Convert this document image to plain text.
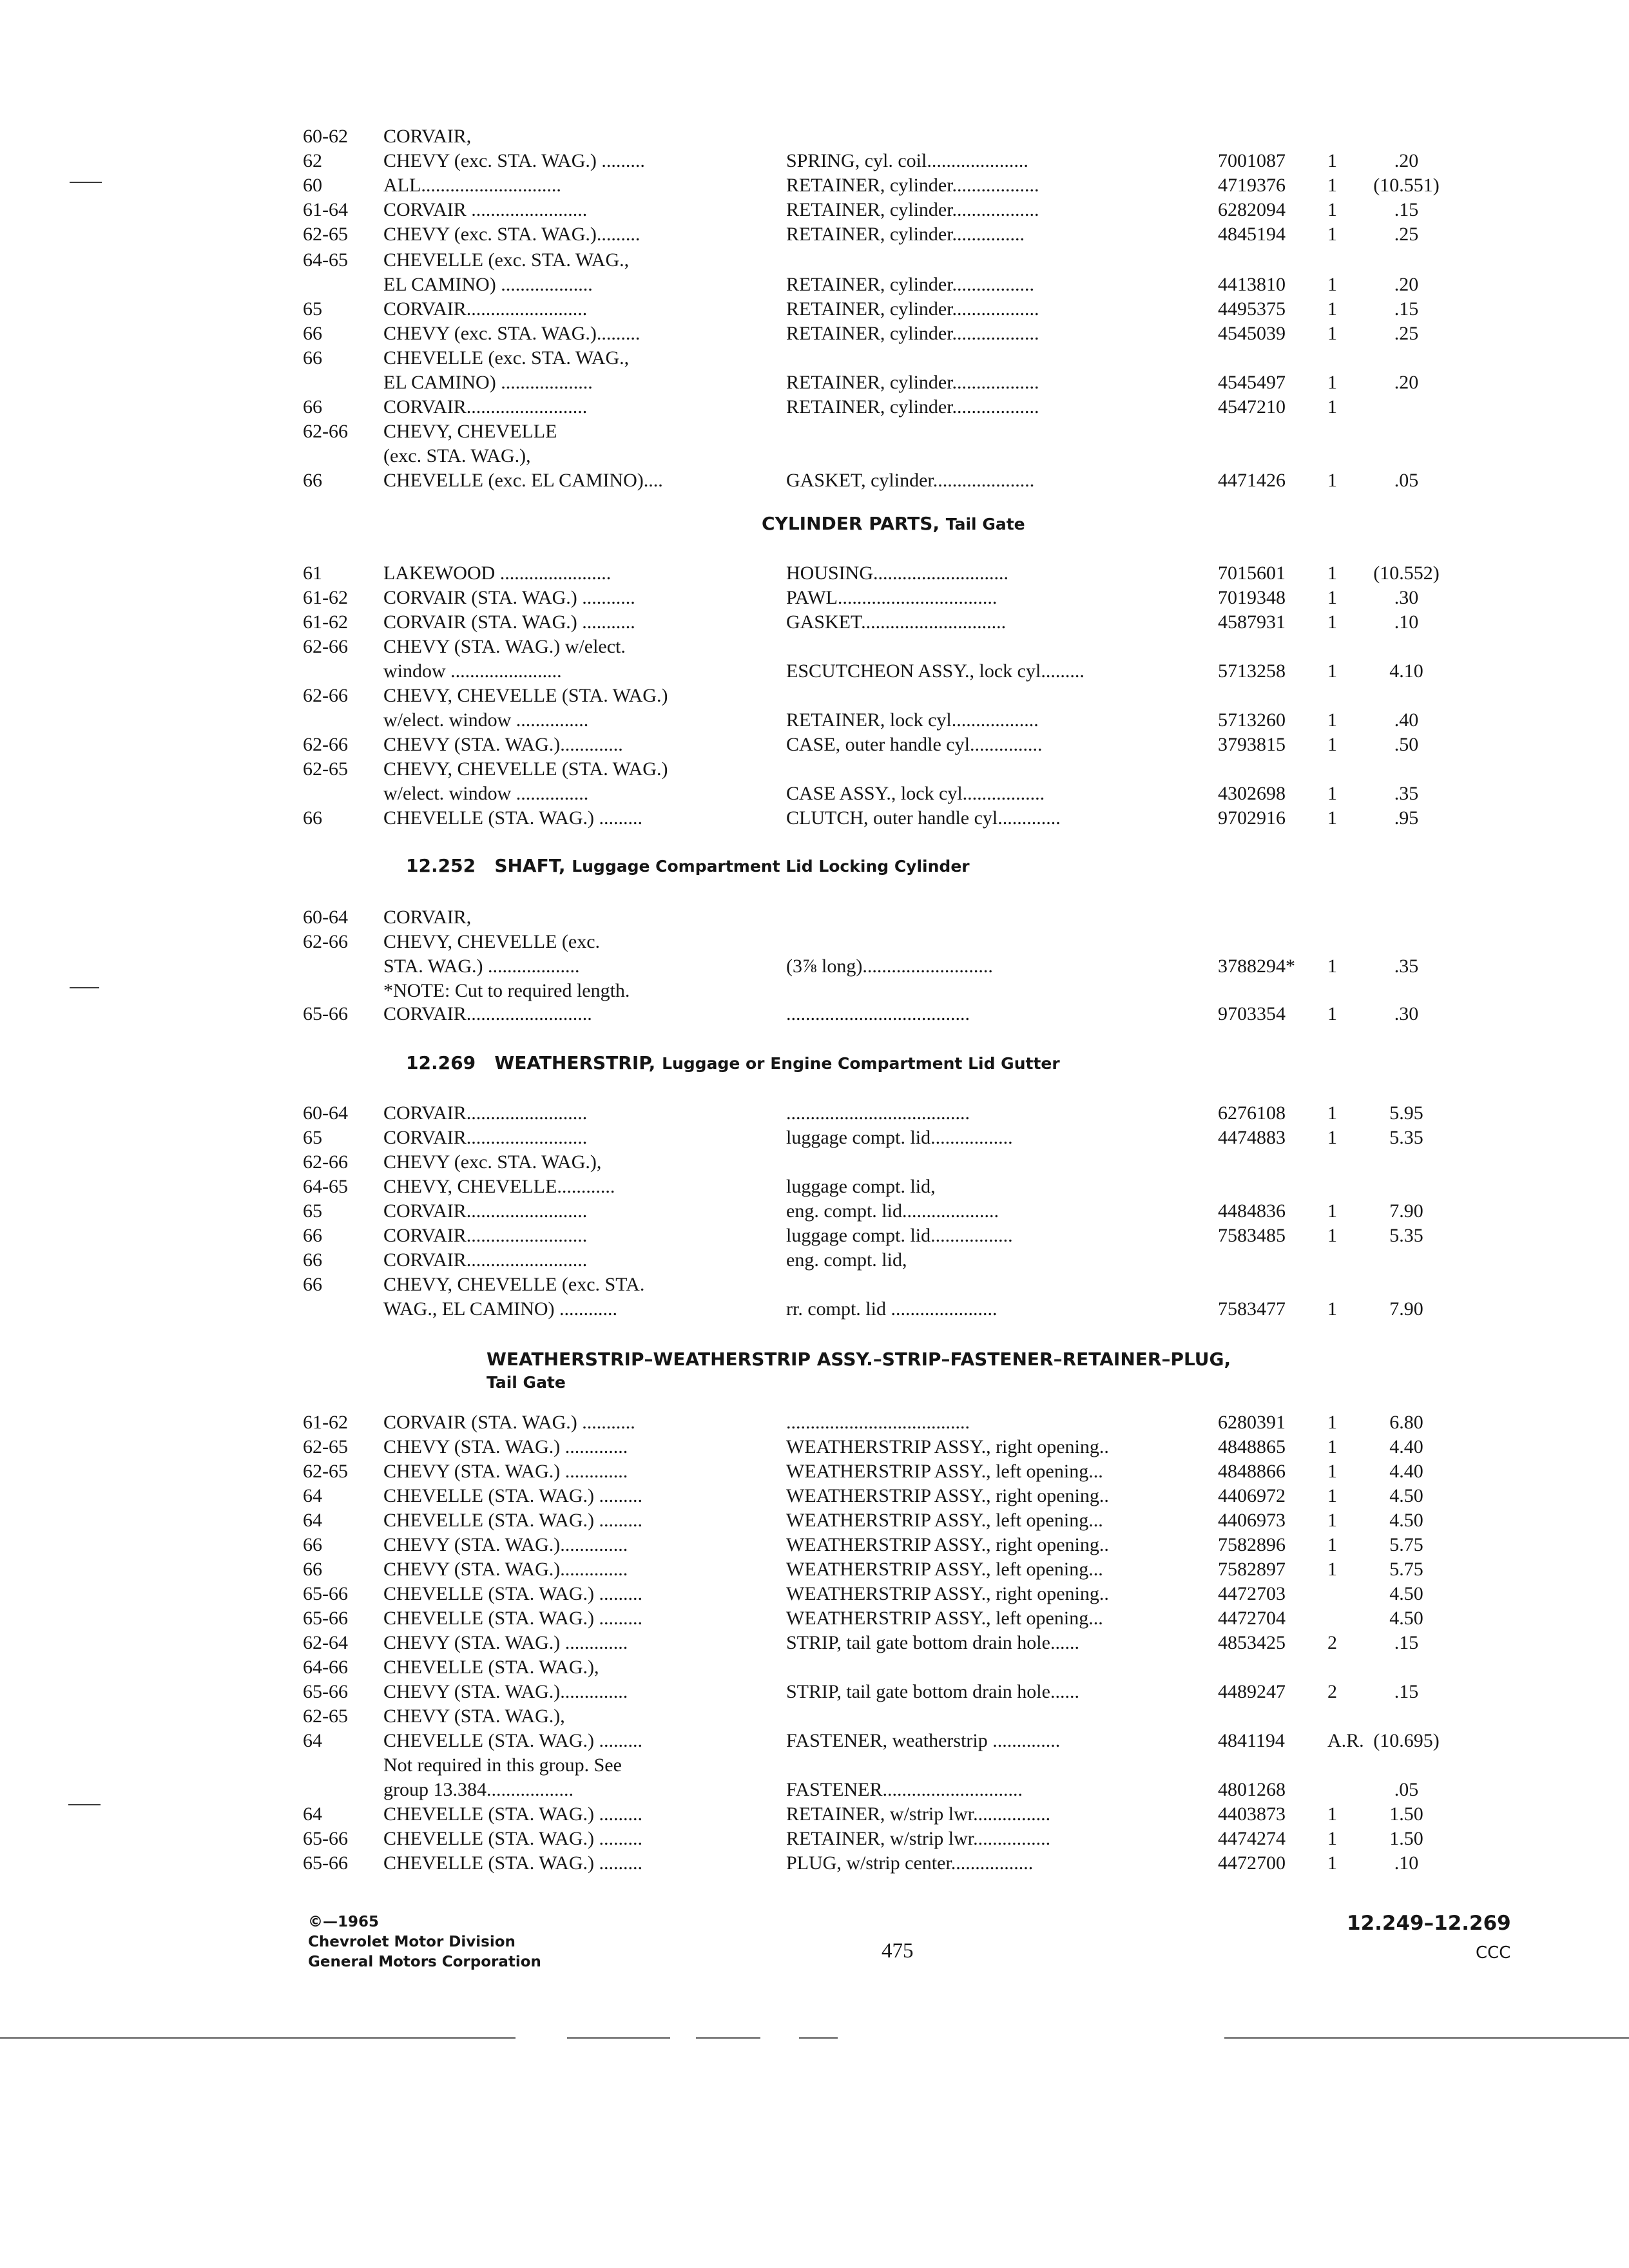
60-62 CORVAIR,
62	CHEVY (exc. STA. WAG.) .........	SPRING, cyl. coil.....................	7001087 1	.20
60	ALL.............................	RETAINER, cylinder..................	4719376 1	(10.551)
61-64 CORVAIR ........................	RETAINER, cylinder..................	6282094 1	.15
62-65 CHEVY (exc. STA. WAG.).........	RETAINER, cylinder...............	4845194 1	.25
64-65 CHEVELLE (exc. STA. WAG.,
EL CAMINO) ...................	RETAINER, cylinder.................	4413810 1	.20
65	CORVAIR.........................	RETAINER, cylinder..................	4495375 1	.15
66	CHEVY (exc. STA. WAG.).........	RETAINER, cylinder..................	4545039 1	.25
66	CHEVELLE (exc. STA. WAG.,
EL CAMINO) ...................	RETAINER, cylinder..................	4545497 1	.20
66	CORVAIR.........................	RETAINER, cylinder..................	4547210 1
62-66 CHEVY, CHEVELLE
(exc. STA. WAG.),
66	CHEVELLE (exc. EL CAMINO)....	GASKET, cylinder.....................	4471426 1	.05
CYLINDER PARTS, Tail Gate
61	LAKEWOOD .......................	HOUSING............................	7015601 1	(10.552)
61-62 CORVAIR (STA. WAG.) ...........	PAWL.................................	7019348 1	.30
61-62 CORVAIR (STA. WAG.) ...........	GASKET..............................	4587931 1	.10
62-66 CHEVY (STA. WAG.) w/elect.
window .......................	ESCUTCHEON ASSY., lock cyl.........	5713258 1	4.10
62-66 CHEVY, CHEVELLE (STA. WAG.)
w/elect. window ...............	RETAINER, lock cyl..................	5713260 1	.40
62-66 CHEVY (STA. WAG.).............	CASE, outer handle cyl...............	3793815 1	.50
62-65 CHEVY, CHEVELLE (STA. WAG.)
w/elect. window ...............	CASE ASSY., lock cyl.................	4302698 1	.35
66	CHEVELLE (STA. WAG.) .........	CLUTCH, outer handle cyl.............	9702916 1	.95
12.252 SHAFT, Luggage Compartment Lid Locking Cylinder
60-64 CORVAIR,
62-66 CHEVY, CHEVELLE (exc.
STA. WAG.) ...................	(3⅞ long)...........................	3788294* 1	.35
*NOTE: Cut to required length.
65-66 CORVAIR..........................	......................................	9703354 1	.30
12.269 WEATHERSTRIP, Luggage or Engine Compartment Lid Gutter
60-64 CORVAIR.........................	......................................	6276108 1	5.95
65	CORVAIR.........................	luggage compt. lid.................	4474883 1	5.35
62-66 CHEVY (exc. STA. WAG.),
64-65 CHEVY, CHEVELLE............	luggage compt. lid,
65	CORVAIR.........................	eng. compt. lid....................	4484836 1	7.90
66	CORVAIR.........................	luggage compt. lid.................	7583485 1	5.35
66	CORVAIR.........................	eng. compt. lid,
66	CHEVY, CHEVELLE (exc. STA.
WAG., EL CAMINO) ............	rr. compt. lid ......................	7583477 1	7.90
WEATHERSTRIP–WEATHERSTRIP ASSY.–STRIP–FASTENER–RETAINER–PLUG,
Tail Gate
61-62 CORVAIR (STA. WAG.) ...........	......................................	6280391 1	6.80
62-65 CHEVY (STA. WAG.) .............	WEATHERSTRIP ASSY., right opening..	4848865 1	4.40
62-65 CHEVY (STA. WAG.) .............	WEATHERSTRIP ASSY., left opening...	4848866 1	4.40
64	CHEVELLE (STA. WAG.) .........	WEATHERSTRIP ASSY., right opening..	4406972 1	4.50
64	CHEVELLE (STA. WAG.) .........	WEATHERSTRIP ASSY., left opening...	4406973 1	4.50
66	CHEVY (STA. WAG.)..............	WEATHERSTRIP ASSY., right opening..	7582896 1	5.75
66	CHEVY (STA. WAG.)..............	WEATHERSTRIP ASSY., left opening...	7582897 1	5.75
65-66 CHEVELLE (STA. WAG.) .........	WEATHERSTRIP ASSY., right opening..	4472703	4.50
65-66 CHEVELLE (STA. WAG.) .........	WEATHERSTRIP ASSY., left opening...	4472704	4.50
62-64 CHEVY (STA. WAG.) .............	STRIP, tail gate bottom drain hole......	4853425 2	.15
64-66 CHEVELLE (STA. WAG.),
65-66 CHEVY (STA. WAG.)..............	STRIP, tail gate bottom drain hole......	4489247 2	.15
62-65 CHEVY (STA. WAG.),
64	CHEVELLE (STA. WAG.) .........	FASTENER, weatherstrip ..............	4841194 A.R. (10.695)
Not required in this group. See
group 13.384..................	FASTENER.............................	4801268	.05
64	CHEVELLE (STA. WAG.) .........	RETAINER, w/strip lwr................	4403873 1	1.50
65-66 CHEVELLE (STA. WAG.) .........	RETAINER, w/strip lwr................	4474274 1	1.50
65-66 CHEVELLE (STA. WAG.) .........	PLUG, w/strip center.................	4472700 1	.10
©—1965
Chevrolet Motor Division
General Motors Corporation	475
12.249–12.269
CCC
